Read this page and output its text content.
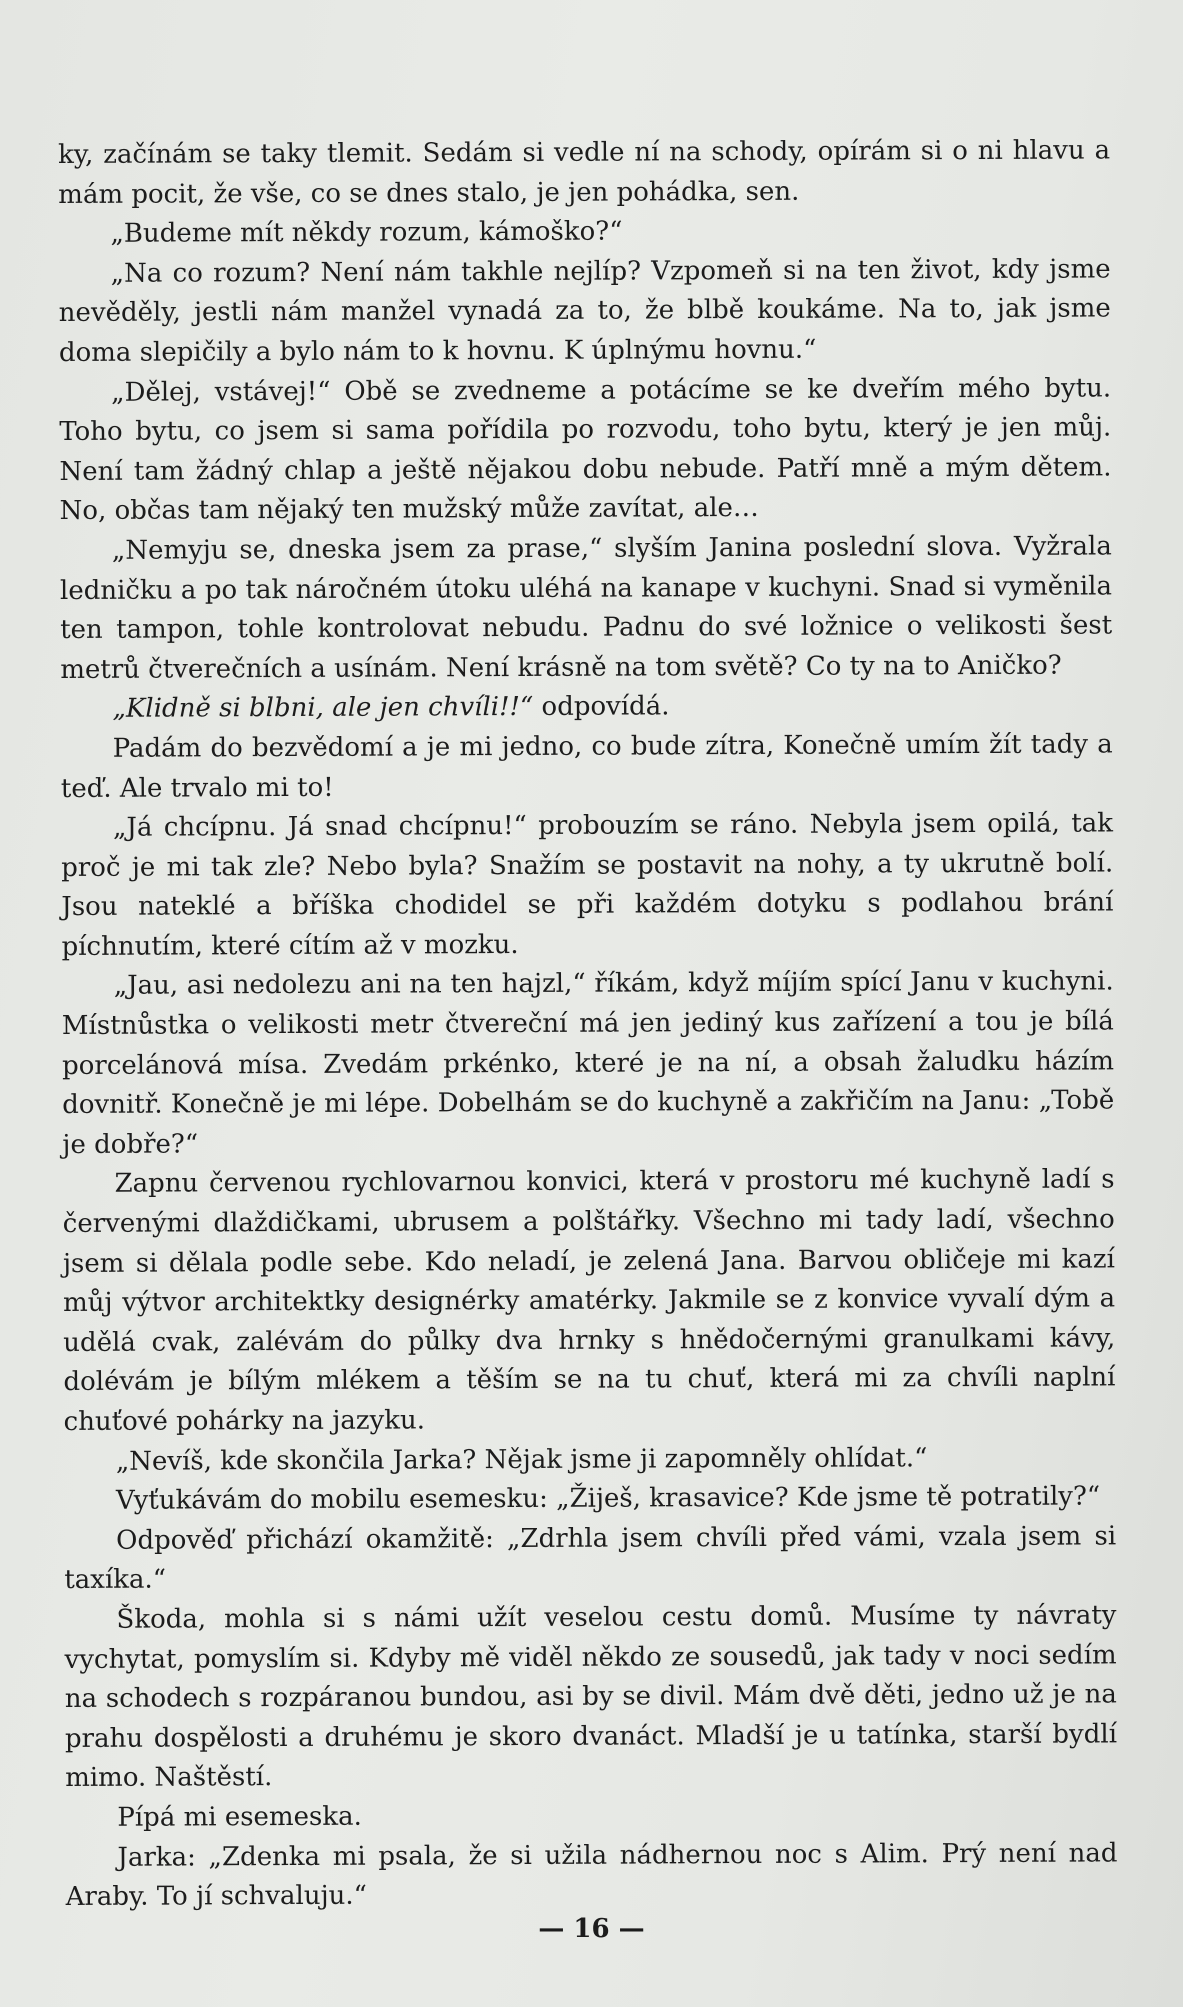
ky, začínám se taky tlemit. Sedám si vedle ní na schody, opírám si o ni hlavu a mám pocit, že vše, co se dnes stalo, je jen pohádka, sen.

„Budeme mít někdy rozum, kámoško?“

„Na co rozum? Není nám takhle nejlíp? Vzpomeň si na ten život, kdy jsme nevěděly, jestli nám manžel vynadá za to, že blbě koukáme. Na to, jak jsme doma slepičily a bylo nám to k hovnu. K úplnýmu hovnu.“

„Dělej, vstávej!“ Obě se zvedneme a potácíme se ke dveřím mého bytu. Toho bytu, co jsem si sama pořídila po rozvodu, toho bytu, který je jen můj. Není tam žádný chlap a ještě nějakou dobu nebude. Patří mně a mým dětem. No, občas tam nějaký ten mužský může zavítat, ale…

„Nemyju se, dneska jsem za prase,“ slyším Janina poslední slova. Vyžrala ledničku a po tak náročném útoku uléhá na kanape v kuchyni. Snad si vyměnila ten tampon, tohle kontrolovat nebudu. Padnu do své ložnice o velikosti šest metrů čtverečních a usínám. Není krásně na tom světě? Co ty na to Aničko?

„Klidně si blbni, ale jen chvíli!!“ odpovídá.

Padám do bezvědomí a je mi jedno, co bude zítra, Konečně umím žít tady a teď. Ale trvalo mi to!

„Já chcípnu. Já snad chcípnu!“ probouzím se ráno. Nebyla jsem opilá, tak proč je mi tak zle? Nebo byla? Snažím se postavit na nohy, a ty ukrutně bolí. Jsou nateklé a bříška chodidel se při každém dotyku s podlahou brání píchnutím, které cítím až v mozku.

„Jau, asi nedolezu ani na ten hajzl,“ říkám, když míjím spící Janu v kuchyni. Místnůstka o velikosti metr čtvereční má jen jediný kus zařízení a tou je bílá porcelánová mísa. Zvedám prkénko, které je na ní, a obsah žaludku házím dovnitř. Konečně je mi lépe. Dobelhám se do kuchyně a zakřičím na Janu: „Tobě je dobře?“

Zapnu červenou rychlovarnou konvici, která v prostoru mé kuchyně ladí s červenými dlaždičkami, ubrusem a polštářky. Všechno mi tady ladí, všechno jsem si dělala podle sebe. Kdo neladí, je zelená Jana. Barvou obličeje mi kazí můj výtvor architektky designérky amatérky. Jakmile se z konvice vyvalí dým a udělá cvak, zalévám do půlky dva hrnky s hnědočernými granulkami kávy, dolévám je bílým mlékem a těším se na tu chuť, která mi za chvíli naplní chuťové pohárky na jazyku.

„Nevíš, kde skončila Jarka? Nějak jsme ji zapomněly ohlídat.“

Vyťukávám do mobilu esemesku: „Žiješ, krasavice? Kde jsme tě potratily?“

Odpověď přichází okamžitě: „Zdrhla jsem chvíli před vámi, vzala jsem si taxíka.“

Škoda, mohla si s námi užít veselou cestu domů. Musíme ty návraty vychytat, pomyslím si. Kdyby mě viděl někdo ze sousedů, jak tady v noci sedím na schodech s rozpáranou bundou, asi by se divil. Mám dvě děti, jedno už je na prahu dospělosti a druhému je skoro dvanáct. Mladší je u tatínka, starší bydlí mimo. Naštěstí.

Pípá mi esemeska.

Jarka: „Zdenka mi psala, že si užila nádhernou noc s Alim. Prý není nad Araby. To jí schvaluju.“

— 16 —
